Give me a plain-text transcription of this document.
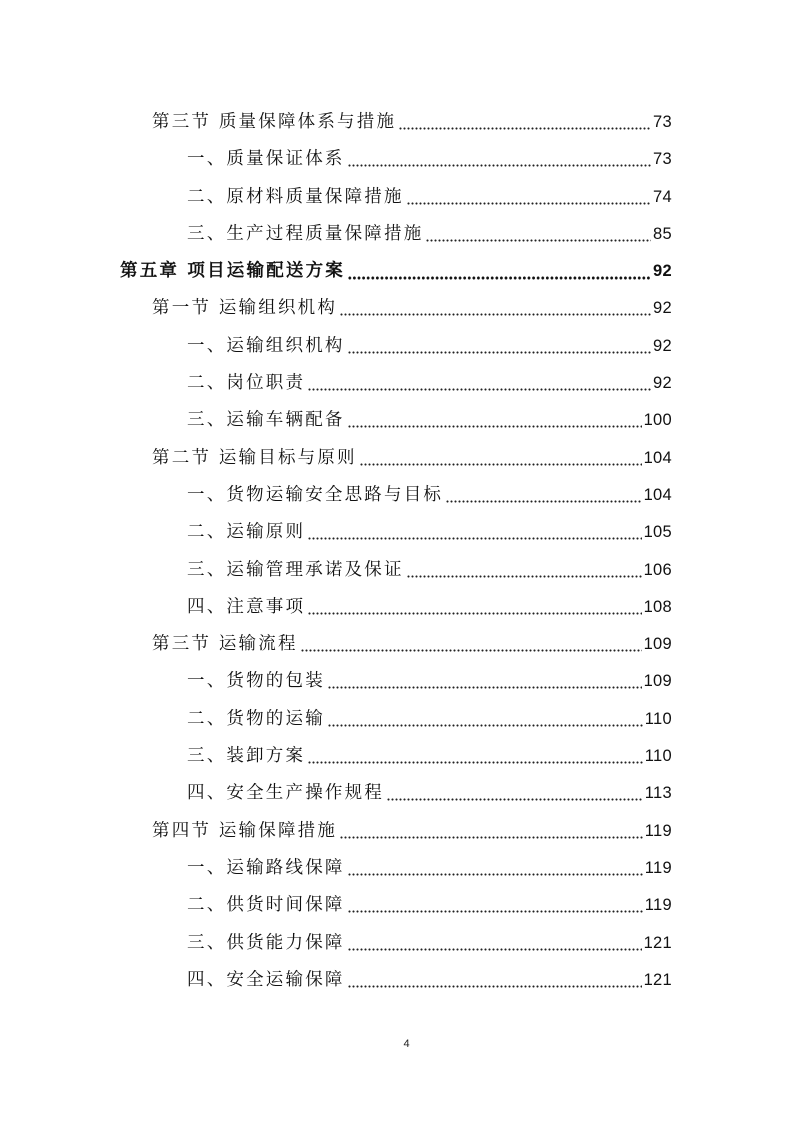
第三节 质量保障体系与措施	73
一、质量保证体系	73
二、原材料质量保障措施	74
三、生产过程质量保障措施	85
第五章 项目运输配送方案	92
第一节 运输组织机构	92
一、运输组织机构	92
二、岗位职责	92
三、运输车辆配备	100
第二节 运输目标与原则	104
一、货物运输安全思路与目标	104
二、运输原则	105
三、运输管理承诺及保证	106
四、注意事项	108
第三节 运输流程	109
一、货物的包装	109
二、货物的运输	110
三、装卸方案	110
四、安全生产操作规程	113
第四节 运输保障措施	119
一、运输路线保障	119
二、供货时间保障	119
三、供货能力保障	121
四、安全运输保障	121
4
